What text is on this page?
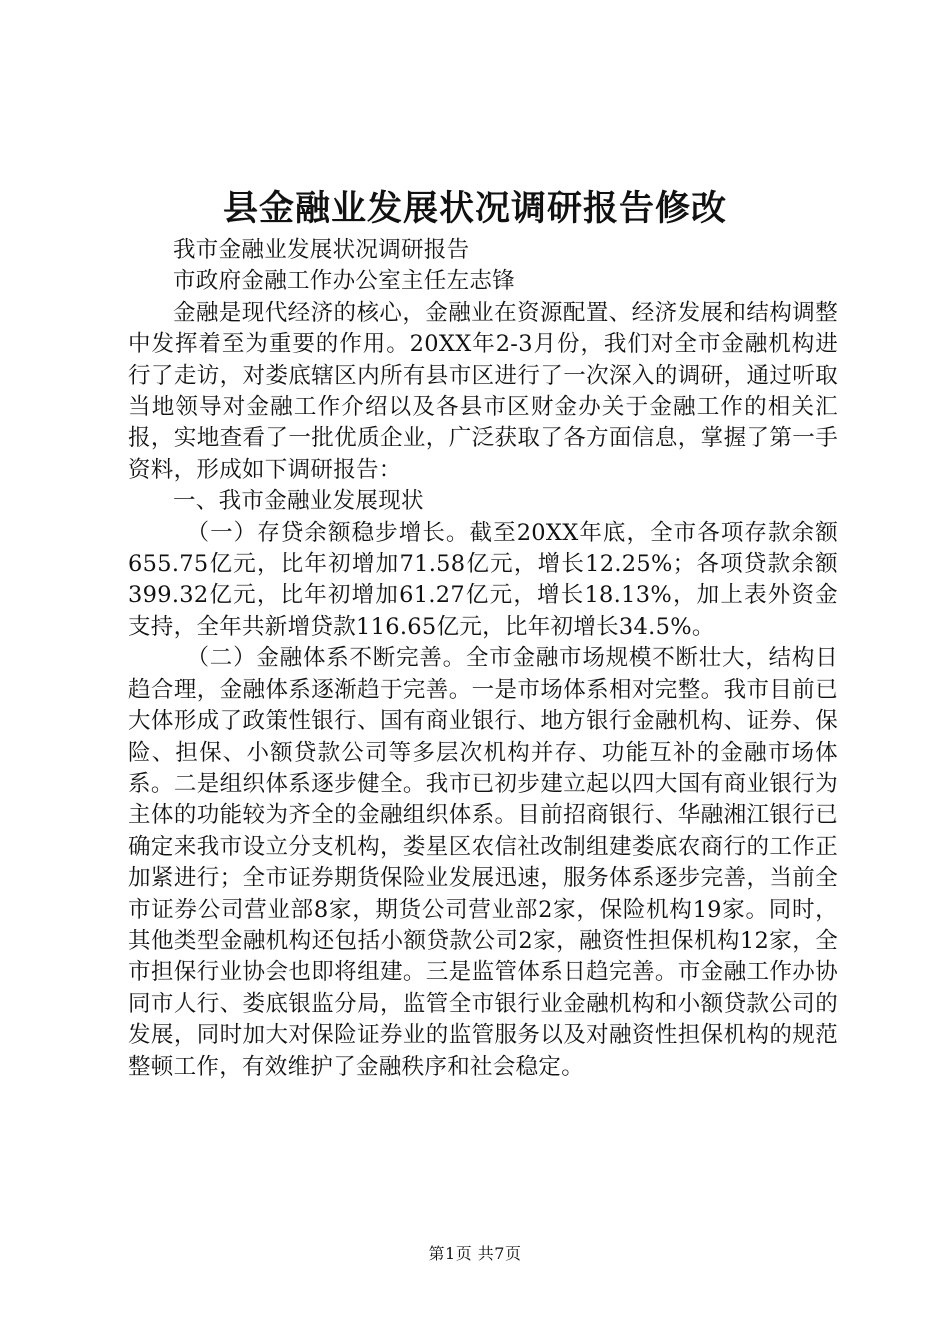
县金融业发展状况调研报告修改

我市金融业发展状况调研报告

市政府金融工作办公室主任左志锋

金融是现代经济的核心，金融业在资源配置、经济发展和结构调整中发挥着至为重要的作用。20XX年2-3月份，我们对全市金融机构进行了走访，对娄底辖区内所有县市区进行了一次深入的调研，通过听取当地领导对金融工作介绍以及各县市区财金办关于金融工作的相关汇报，实地查看了一批优质企业，广泛获取了各方面信息，掌握了第一手资料，形成如下调研报告：

一、我市金融业发展现状

（一）存贷余额稳步增长。截至20XX年底，全市各项存款余额655.75亿元，比年初增加71.58亿元，增长12.25%；各项贷款余额399.32亿元，比年初增加61.27亿元，增长18.13%，加上表外资金支持，全年共新增贷款116.65亿元，比年初增长34.5%。

（二）金融体系不断完善。全市金融市场规模不断壮大，结构日趋合理，金融体系逐渐趋于完善。一是市场体系相对完整。我市目前已大体形成了政策性银行、国有商业银行、地方银行金融机构、证券、保险、担保、小额贷款公司等多层次机构并存、功能互补的金融市场体系。二是组织体系逐步健全。我市已初步建立起以四大国有商业银行为主体的功能较为齐全的金融组织体系。目前招商银行、华融湘江银行已确定来我市设立分支机构，娄星区农信社改制组建娄底农商行的工作正加紧进行；全市证券期货保险业发展迅速，服务体系逐步完善，当前全市证券公司营业部8家，期货公司营业部2家，保险机构19家。同时，其他类型金融机构还包括小额贷款公司2家，融资性担保机构12家，全市担保行业协会也即将组建。三是监管体系日趋完善。市金融工作办协同市人行、娄底银监分局，监管全市银行业金融机构和小额贷款公司的发展，同时加大对保险证券业的监管服务以及对融资性担保机构的规范整顿工作，有效维护了金融秩序和社会稳定。

第1页 共7页
